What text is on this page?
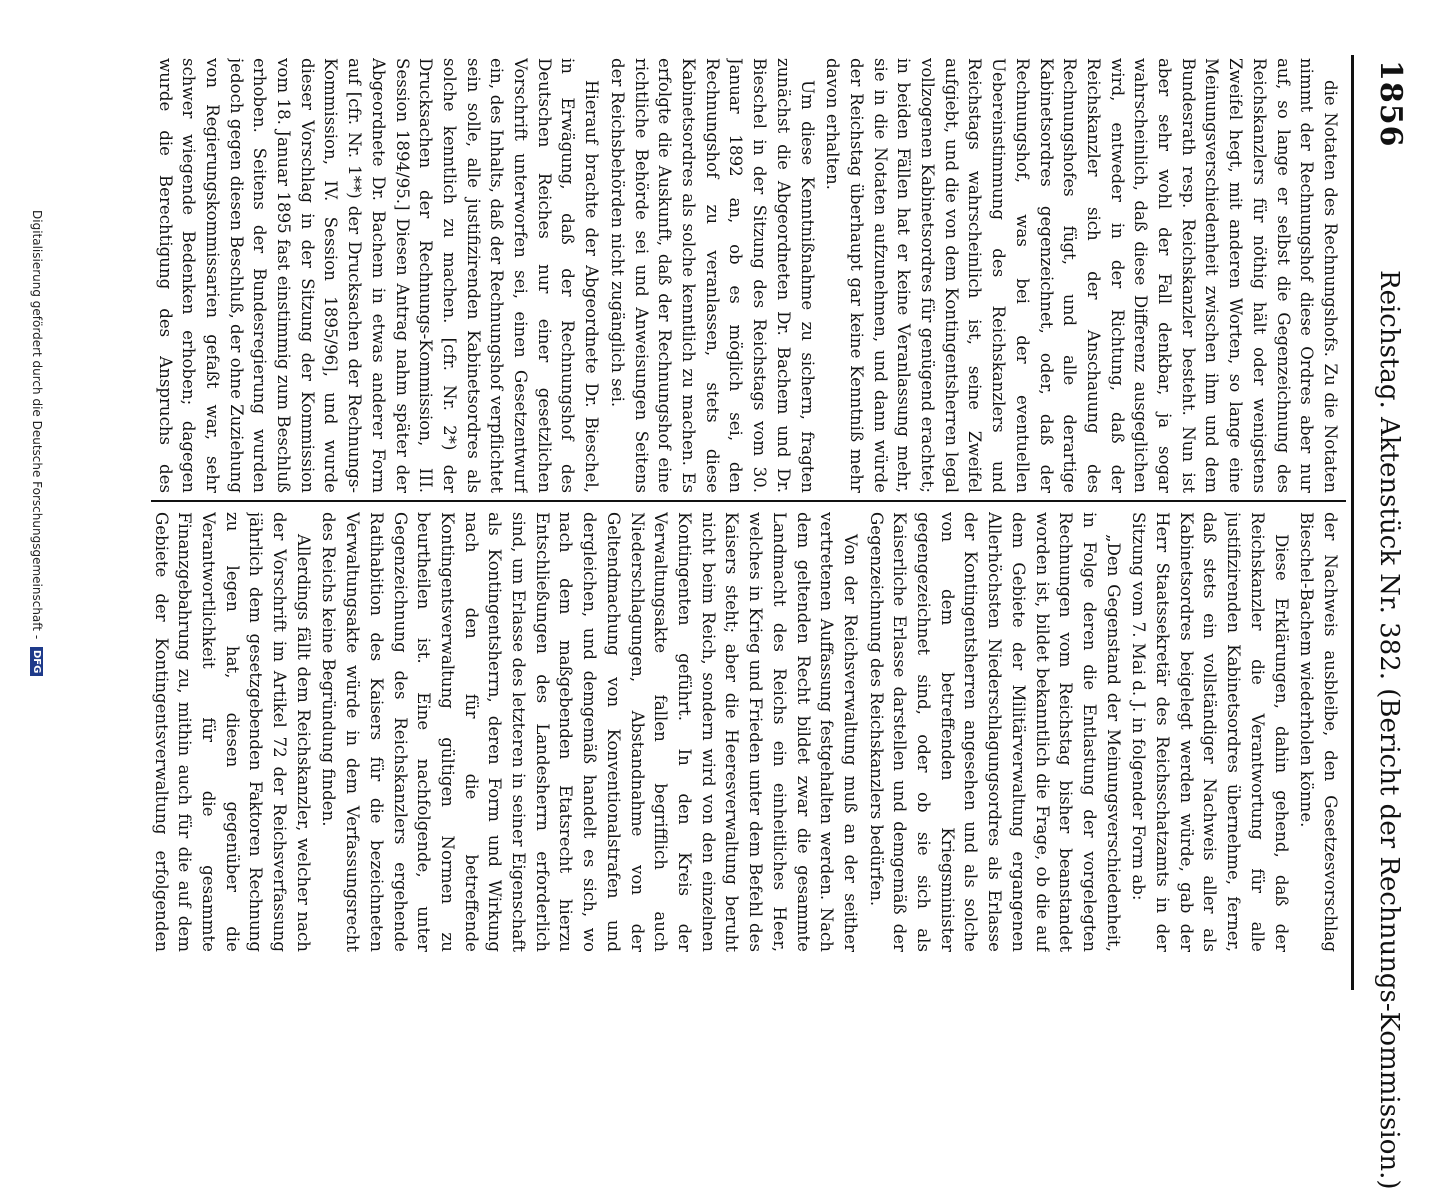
1856
Reichstag. Aktenstück Nr. 382. (Bericht der Rechnungs-Kommission.)

die Notaten des Rechnungshofs. Zu die Notaten nimmt der Rechnungshof diese Ordres aber nur auf, so lange er selbst die Gegenzeichnung des Reichskanzlers für nöthig hält oder wenigstens Zweifel hegt, mit anderen Worten, so lange eine Meinungsverschiedenheit zwischen ihm und dem Bundesrath resp. Reichskanzler besteht. Nun ist aber sehr wohl der Fall denkbar, ja sogar wahrscheinlich, daß diese Differenz ausgeglichen wird, entweder in der Richtung, daß der Reichskanzler sich der Anschauung des Rechnungshofes fügt, und alle derartige Kabinetsordres gegenzeichnet, oder, daß der Rechnungshof, was bei der eventuellen Uebereinstimmung des Reichskanzlers und Reichstags wahrscheinlich ist, seine Zweifel aufgiebt, und die von dem Kontingentsherren legal vollzogenen Kabinetsordres für genügend erachtet; in beiden Fällen hat er keine Veranlassung mehr, sie in die Notaten aufzunehmen, und dann würde der Reichstag überhaupt gar keine Kenntniß mehr davon erhalten.

Um diese Kenntnißnahme zu sichern, fragten zunächst die Abgeordneten Dr. Bachem und Dr. Bieschel in der Sitzung des Reichstags vom 30. Januar 1892 an, ob es möglich sei, den Rechnungshof zu veranlassen, stets diese Kabinetsordres als solche kenntlich zu machen. Es erfolgte die Auskunft, daß der Rechnungshof eine richtliche Behörde sei und Anweisungen Seitens der Reichsbehörden nicht zugänglich sei.

Hierauf brachte der Abgeordnete Dr. Bieschel, in Erwägung, daß der Rechnungshof des Deutschen Reiches nur einer gesetzlichen Vorschrift unterworfen sei, einen Gesetzentwurf ein, des Inhalts, daß der Rechnungshof verpflichtet sein solle, alle justifizirenden Kabinetsordres als solche kenntlich zu machen. [cfr. Nr. 2*) der Drucksachen der Rechnungs-Kommission, III. Session 1894/95.] Diesen Antrag nahm später der Abgeordnete Dr. Bachem in etwas anderer Form auf [cfr. Nr. 1**) der Drucksachen der Rechnungs-Kommission, IV. Session 1895/96], und wurde dieser Vorschlag in der Sitzung der Kommission vom 18. Januar 1895 fast einstimmig zum Beschluß erhoben. Seitens der Bundesregierung wurden jedoch gegen diesen Beschluß, der ohne Zuziehung von Regierungskommissarien gefaßt war, sehr schwer wiegende Bedenken erhoben; dagegen wurde die Berechtigung des Anspruchs des

der Nachweis ausbleibe, den Gesetzesvorschlag Bieschel-Bachem wiederholen könne.

Diese Erklärungen, dahin gehend, daß der Reichskanzler die Verantwortung für alle justifizirenden Kabinetsordres übernehme, ferner, daß stets ein vollständiger Nachweis aller als Kabinetsordres beigelegt werden würde, gab der Herr Staatssekretär des Reichsschatzamts in der Sitzung vom 7. Mai d. J. in folgender Form ab:

„Den Gegenstand der Meinungsverschiedenheit, in Folge deren die Entlastung der vorgelegten Rechnungen vom Reichstag bisher beanstandet worden ist, bildet bekanntlich die Frage, ob die auf dem Gebiete der Militärverwaltung ergangenen Allerhöchsten Niederschlagungsordres als Erlasse der Kontingentsherren angesehen und als solche von dem betreffenden Kriegsminister gegengezeichnet sind, oder ob sie sich als Kaiserliche Erlasse darstellen und demgemäß der Gegenzeichnung des Reichskanzlers bedürfen.

Von der Reichsverwaltung muß an der seither vertretenen Auffassung festgehalten werden. Nach dem geltenden Recht bildet zwar die gesammte Landmacht des Reichs ein einheitliches Heer, welches in Krieg und Frieden unter dem Befehl des Kaisers steht; aber die Heeresverwaltung beruht nicht beim Reich, sondern wird von den einzelnen Kontingenten geführt. In den Kreis der Verwaltungsakte fallen begrifflich auch Niederschlagungen, Abstandnahme von der Geltendmachung von Konventionalstrafen und dergleichen, und demgemäß handelt es sich, wo nach dem maßgebenden Etatsrecht hierzu Entschließungen des Landesherrn erforderlich sind, um Erlasse des letzteren in seiner Eigenschaft als Kontingentsherrn, deren Form und Wirkung nach den für die betreffende Kontingentsverwaltung gültigen Normen zu beurtheilen ist. Eine nachfolgende, unter Gegenzeichnung des Reichskanzlers ergehende Ratihabition des Kaisers für die bezeichneten Verwaltungsakte würde in dem Verfassungsrecht des Reichs keine Begründung finden.

Allerdings fällt dem Reichskanzler, welcher nach der Vorschrift im Artikel 72 der Reichsverfassung jährlich dem gesetzgebenden Faktoren Rechnung zu legen hat, diesen gegenüber die Verantwortlichkeit für die gesammte Finanzgebahrung zu, mithin auch für die auf dem Gebiete der Kontingentsverwaltung erfolgenden

Digitalisierung gefördert durch die Deutsche Forschungsgemeinschaft - DFG
